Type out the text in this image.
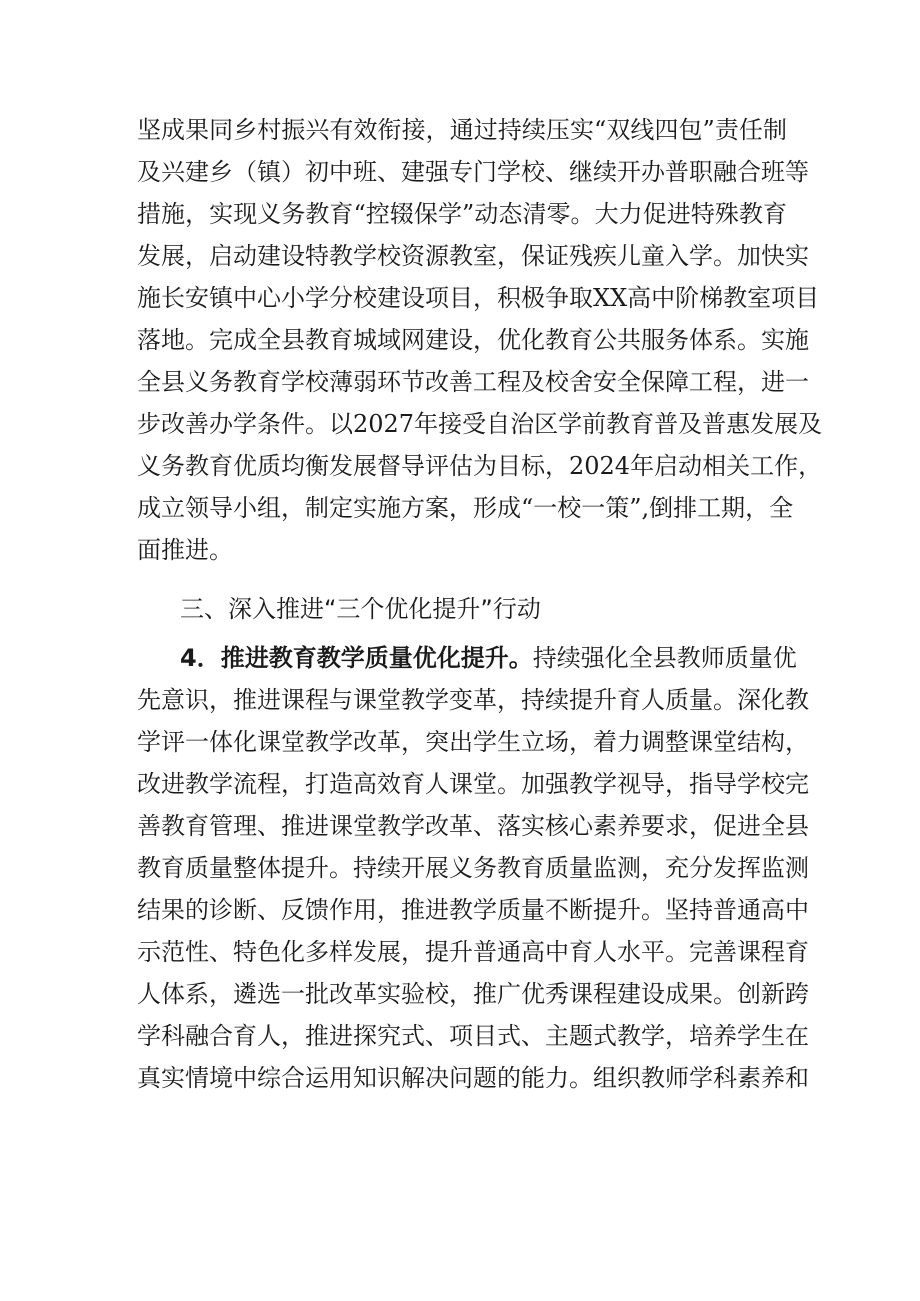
坚成果同乡村振兴有效衔接，通过持续压实“双线四包”责任制
及兴建乡（镇）初中班、建强专门学校、继续开办普职融合班等
措施，实现义务教育“控辍保学”动态清零。大力促进特殊教育
发展，启动建设特教学校资源教室，保证残疾儿童入学。加快实
施长安镇中心小学分校建设项目，积极争取XX高中阶梯教室项目
落地。完成全县教育城域网建设，优化教育公共服务体系。实施
全县义务教育学校薄弱环节改善工程及校舍安全保障工程，进一
步改善办学条件。以2027年接受自治区学前教育普及普惠发展及
义务教育优质均衡发展督导评估为目标，2024年启动相关工作，
成立领导小组，制定实施方案，形成“一校一策”,倒排工期，全
面推进。
三、深入推进“三个优化提升”行动
4．推进教育教学质量优化提升。持续强化全县教师质量优
先意识，推进课程与课堂教学变革，持续提升育人质量。深化教
学评一体化课堂教学改革，突出学生立场，着力调整课堂结构，
改进教学流程，打造高效育人课堂。加强教学视导，指导学校完
善教育管理、推进课堂教学改革、落实核心素养要求，促进全县
教育质量整体提升。持续开展义务教育质量监测，充分发挥监测
结果的诊断、反馈作用，推进教学质量不断提升。坚持普通高中
示范性、特色化多样发展，提升普通高中育人水平。完善课程育
人体系，遴选一批改革实验校，推广优秀课程建设成果。创新跨
学科融合育人，推进探究式、项目式、主题式教学，培养学生在
真实情境中综合运用知识解决问题的能力。组织教师学科素养和
